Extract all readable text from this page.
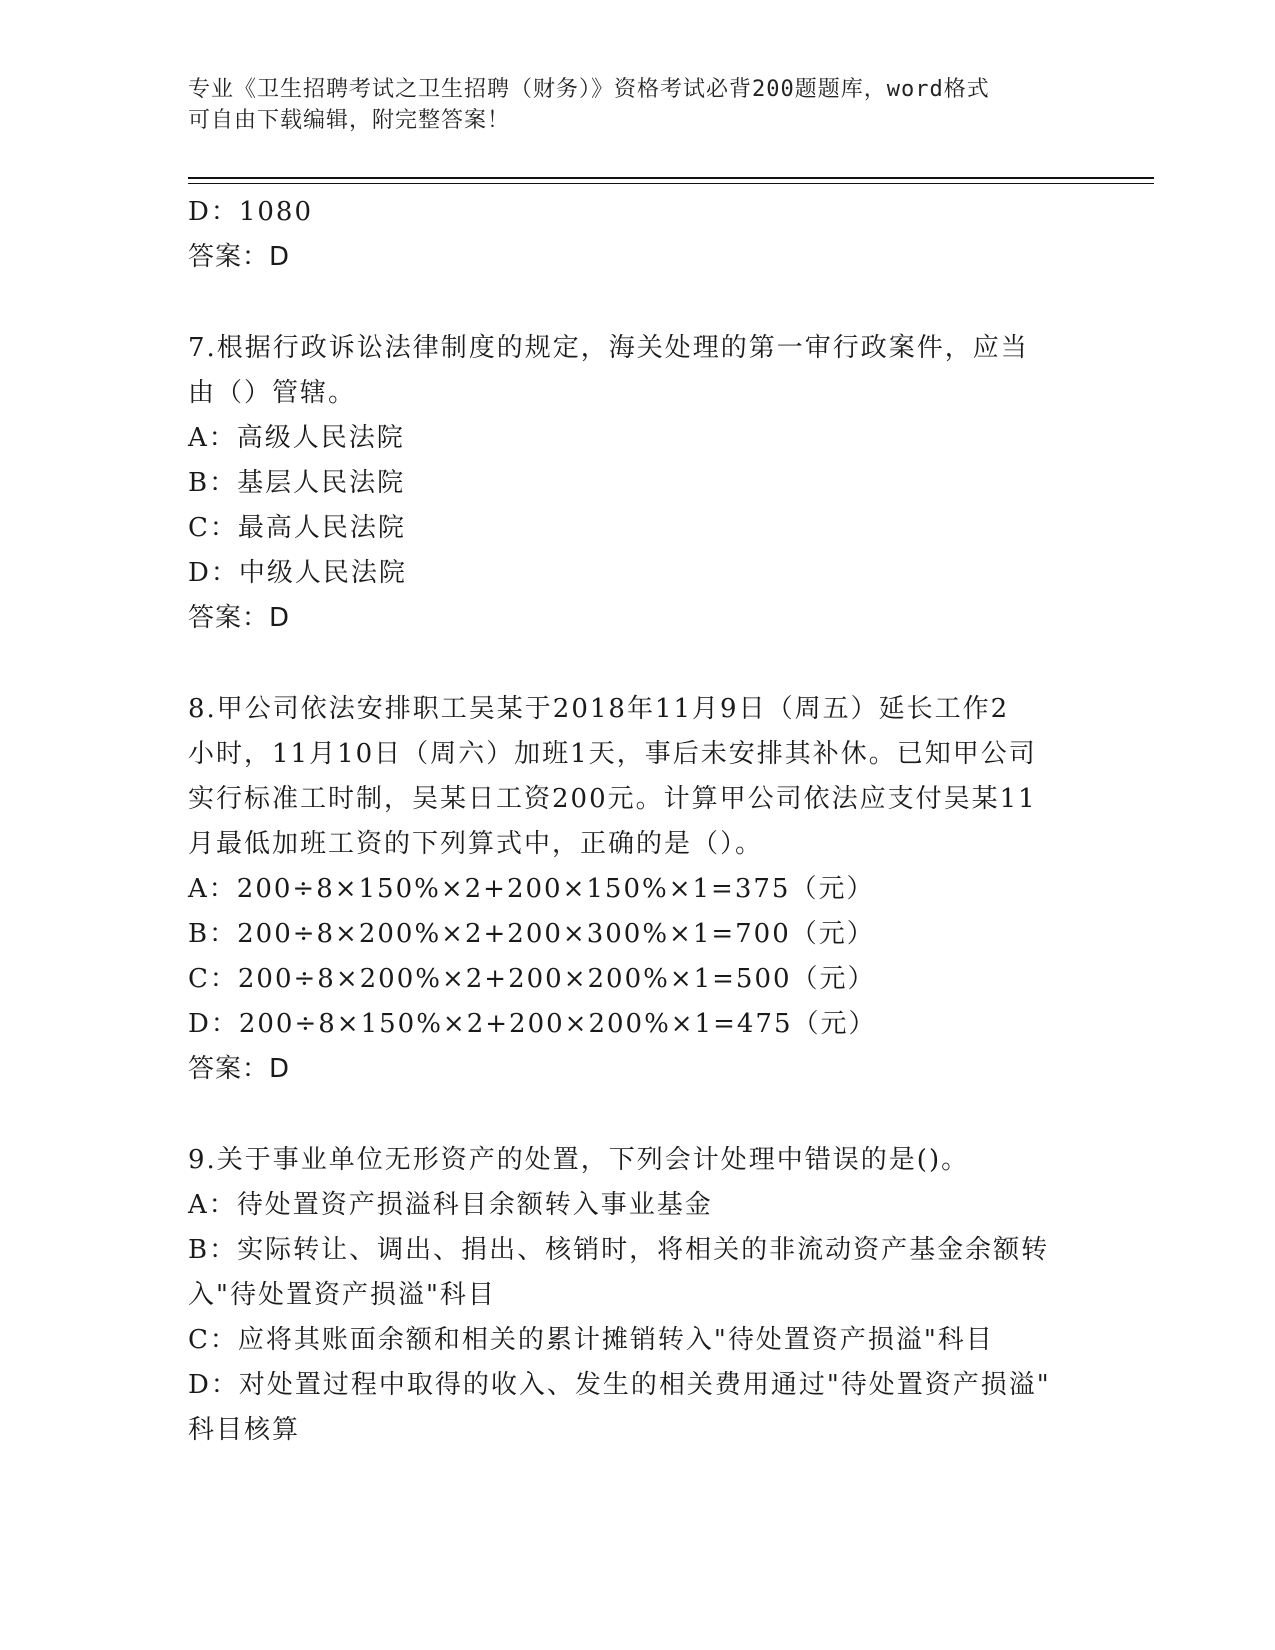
专业《卫生招聘考试之卫生招聘（财务）》资格考试必背200题题库，word格式
可自由下载编辑，附完整答案！
D：1080
答案：D
7.根据行政诉讼法律制度的规定，海关处理的第一审行政案件，应当
由（）管辖。
A：高级人民法院
B：基层人民法院
C：最高人民法院
D：中级人民法院
答案：D
8.甲公司依法安排职工吴某于2018年11月9日（周五）延长工作2
小时，11月10日（周六）加班1天，事后未安排其补休。已知甲公司
实行标准工时制，吴某日工资200元。计算甲公司依法应支付吴某11
月最低加班工资的下列算式中，正确的是（）。
A：200÷8×150%×2+200×150%×1=375（元）
B：200÷8×200%×2+200×300%×1=700（元）
C：200÷8×200%×2+200×200%×1=500（元）
D：200÷8×150%×2+200×200%×1=475（元）
答案：D
9.关于事业单位无形资产的处置，下列会计处理中错误的是()。
A：待处置资产损溢科目余额转入事业基金
B：实际转让、调出、捐出、核销时，将相关的非流动资产基金余额转
入"待处置资产损溢"科目
C：应将其账面余额和相关的累计摊销转入"待处置资产损溢"科目
D：对处置过程中取得的收入、发生的相关费用通过"待处置资产损溢"
科目核算
